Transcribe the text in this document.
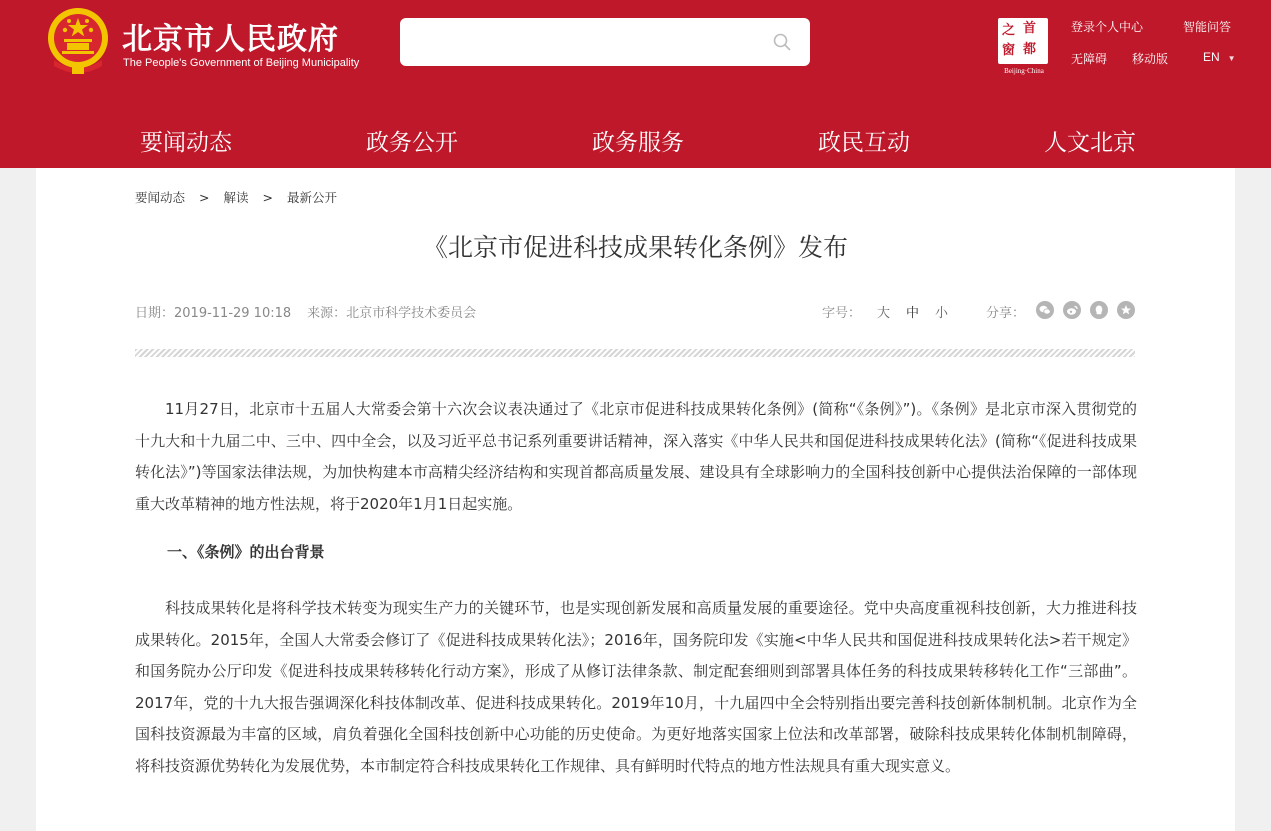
北京市人民政府
The People's Government of Beijing Municipality
之 首
窗 都
Beijing·China
登录个人中心	智能问答
无障碍 移动版	EN ▼
要闻动态	政务公开	政务服务	政民互动	人文北京
要闻动态 > 解读 > 最新公开
《北京市促进科技成果转化条例》发布
日期：2019-11-29 10:18 来源：北京市科学技术委员会	字号： 大 中 小	分享：

11月27日，北京市十五届人大常委会第十六次会议表决通过了《北京市促进科技成果转化条例》(简称“《条例》”)。《条例》是北京市深入贯彻党的十九大和十九届二中、三中、四中全会，以及习近平总书记系列重要讲话精神，深入落实《中华人民共和国促进科技成果转化法》(简称“《促进科技成果转化法》”)等国家法律法规，为加快构建本市高精尖经济结构和实现首都高质量发展、建设具有全球影响力的全国科技创新中心提供法治保障的一部体现重大改革精神的地方性法规，将于2020年1月1日起实施。

一、《条例》的出台背景

科技成果转化是将科学技术转变为现实生产力的关键环节，也是实现创新发展和高质量发展的重要途径。党中央高度重视科技创新，大力推进科技成果转化。2015年，全国人大常委会修订了《促进科技成果转化法》；2016年，国务院印发《实施<中华人民共和国促进科技成果转化法>若干规定》和国务院办公厅印发《促进科技成果转移转化行动方案》，形成了从修订法律条款、制定配套细则到部署具体任务的科技成果转移转化工作“三部曲”。2017年，党的十九大报告强调深化科技体制改革、促进科技成果转化。2019年10月，十九届四中全会特别指出要完善科技创新体制机制。北京作为全国科技资源最为丰富的区域，肩负着强化全国科技创新中心功能的历史使命。为更好地落实国家上位法和改革部署，破除科技成果转化体制机制障碍，将科技资源优势转化为发展优势，本市制定符合科技成果转化工作规律、具有鲜明时代特点的地方性法规具有重大现实意义。
